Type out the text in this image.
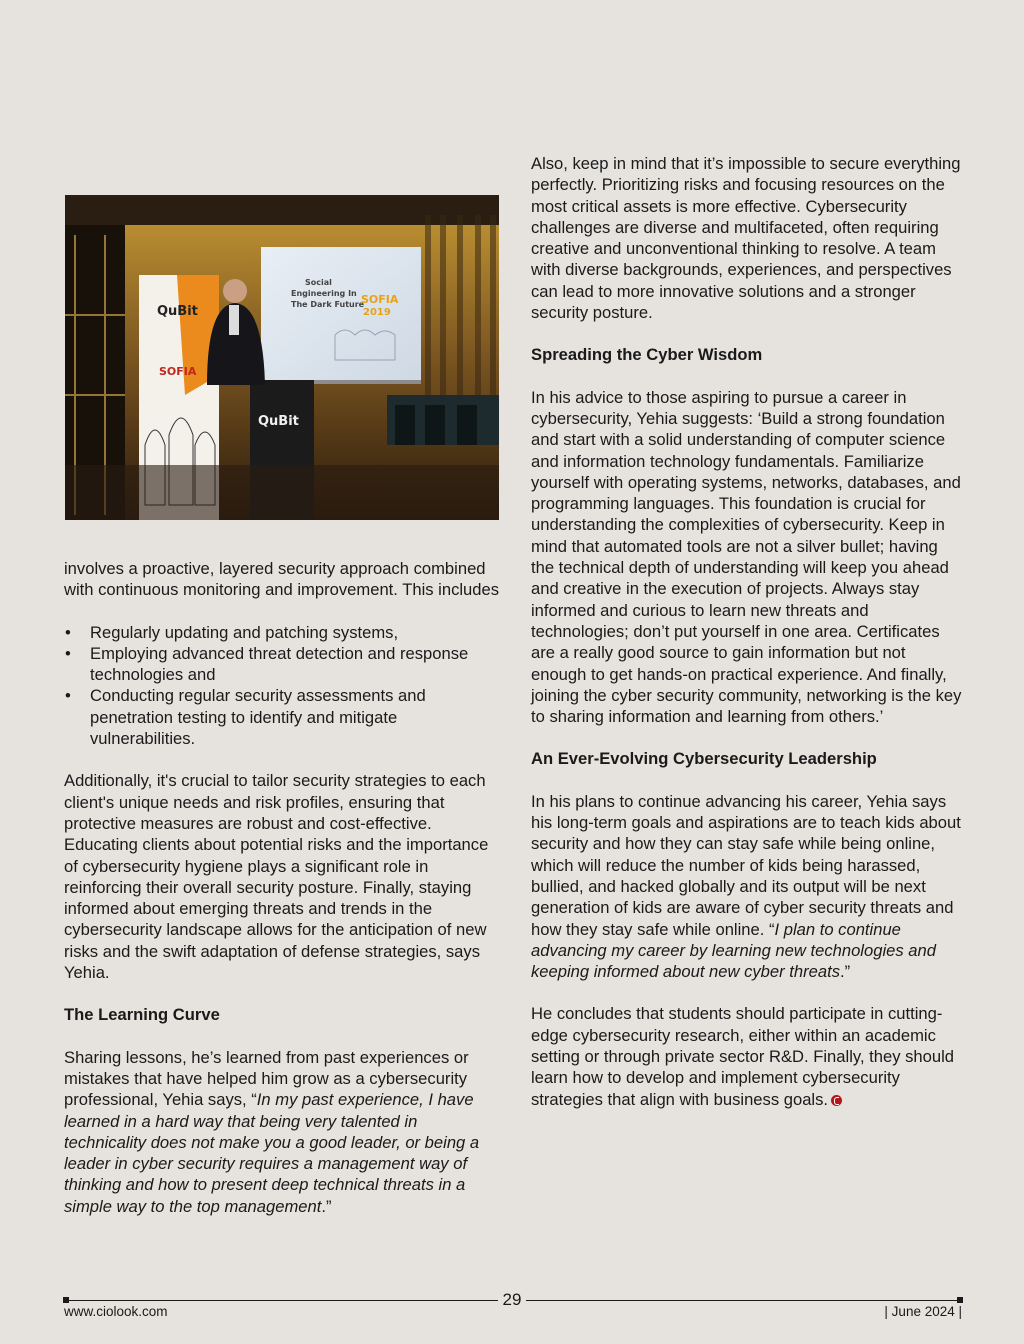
Social
Engineering In
The Dark Future
SOFIA
2019
QuBit
SOFIA
QuBit

involves a proactive, layered security approach combined with continuous monitoring and improvement. This includes

• Regularly updating and patching systems,
• Employing advanced threat detection and response technologies and
• Conducting regular security assessments and penetration testing to identify and mitigate vulnerabilities.

Additionally, it's crucial to tailor security strategies to each client's unique needs and risk profiles, ensuring that protective measures are robust and cost-effective. Educating clients about potential risks and the importance of cybersecurity hygiene plays a significant role in reinforcing their overall security posture. Finally, staying informed about emerging threats and trends in the cybersecurity landscape allows for the anticipation of new risks and the swift adaptation of defense strategies, says Yehia.

The Learning Curve

Sharing lessons, he’s learned from past experiences or mistakes that have helped him grow as a cybersecurity professional, Yehia says, “In my past experience, I have learned in a hard way that being very talented in technicality does not make you a good leader, or being a leader in cyber security requires a management way of thinking and how to present deep technical threats in a simple way to the top management.”

Also, keep in mind that it’s impossible to secure everything perfectly. Prioritizing risks and focusing resources on the most critical assets is more effective. Cybersecurity challenges are diverse and multifaceted, often requiring creative and unconventional thinking to resolve. A team with diverse backgrounds, experiences, and perspectives can lead to more innovative solutions and a stronger security posture.

Spreading the Cyber Wisdom

In his advice to those aspiring to pursue a career in cybersecurity, Yehia suggests: ‘Build a strong foundation and start with a solid understanding of computer science and information technology fundamentals. Familiarize yourself with operating systems, networks, databases, and programming languages. This foundation is crucial for understanding the complexities of cybersecurity. Keep in mind that automated tools are not a silver bullet; having the technical depth of understanding will keep you ahead and creative in the execution of projects. Always stay informed and curious to learn new threats and technologies; don’t put yourself in one area. Certificates are a really good source to gain information but not enough to get hands-on practical experience. And finally, joining the cyber security community, networking is the key to sharing information and learning from others.’

An Ever-Evolving Cybersecurity Leadership

In his plans to continue advancing his career, Yehia says his long-term goals and aspirations are to teach kids about security and how they can stay safe while being online, which will reduce the number of kids being harassed, bullied, and hacked globally and its output will be next generation of kids are aware of cyber security threats and how they stay safe while online. “I plan to continue advancing my career by learning new technologies and keeping informed about new cyber threats.”

He concludes that students should participate in cutting-edge cybersecurity research, either within an academic setting or through private sector R&D. Finally, they should learn how to develop and implement cybersecurity strategies that align with business goals.

29
www.ciolook.com	| June 2024 |
